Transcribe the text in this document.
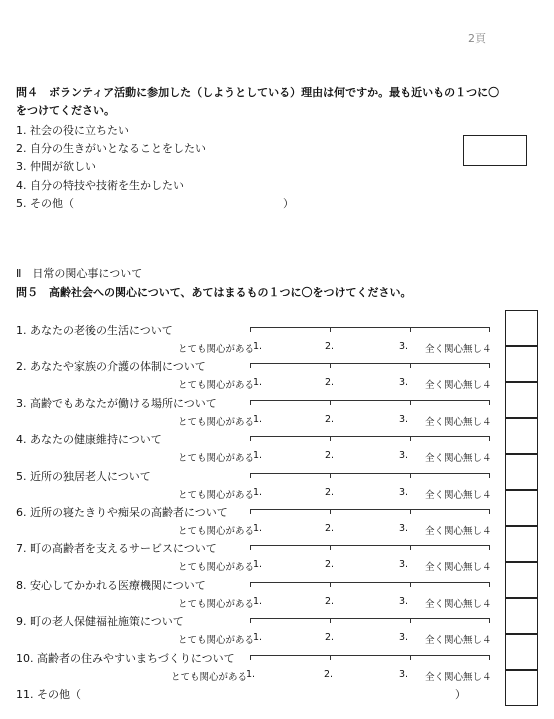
2頁
問４　ボランティア活動に参加した（しようとしている）理由は何ですか。最も近いもの１つに〇
をつけてください。
1. 社会の役に立ちたい
2. 自分の生きがいとなることをしたい
3. 仲間が欲しい
4. 自分の特技や技術を生かしたい
5. その他（　　　　　　　　　　　　　　　　　　　）
Ⅱ　日常の関心事について
問５　高齢社会への関心について、あてはまるもの１つに〇をつけてください。
1. あなたの老後の生活について
とても関心がある
1.	2.	3. 全く関心無し４
2. あなたや家族の介護の体制について
とても関心がある
1.	2.	3. 全く関心無し４
3. 高齢でもあなたが働ける場所について
とても関心がある
1.	2.	3. 全く関心無し４
4. あなたの健康維持について
とても関心がある
1.	2.	3. 全く関心無し４
5. 近所の独居老人について
とても関心がある
1.	2.	3. 全く関心無し４
6. 近所の寝たきりや痴呆の高齢者について
とても関心がある
1.	2.	3. 全く関心無し４
7. 町の高齢者を支えるサービスについて
とても関心がある
1.	2.	3. 全く関心無し４
8. 安心してかかれる医療機関について
とても関心がある
1.	2.	3. 全く関心無し４
9. 町の老人保健福祉施策について
とても関心がある
1.	2.	3. 全く関心無し４
10. 高齢者の住みやすいまちづくりについて
とても関心がある
1.	2.	3. 全く関心無し４
11. その他（　　　　　　　　　　　　　　　　　　　　　　　　　　　　　　　　　　）
